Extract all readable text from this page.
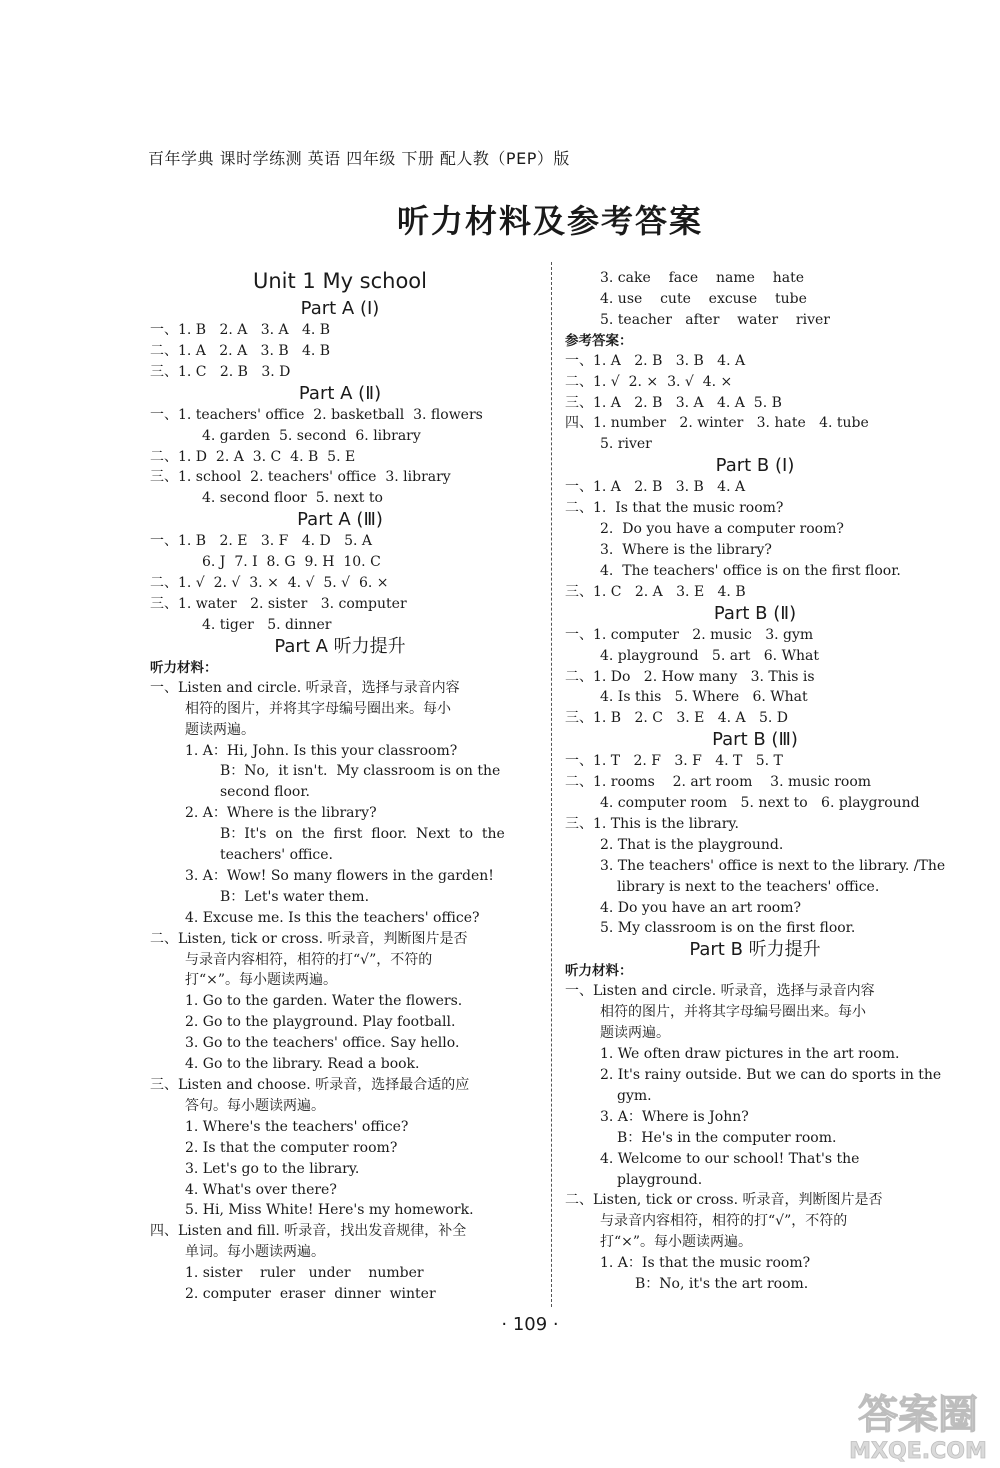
百年学典 课时学练测 英语 四年级 下册 配人教（PEP）版
听力材料及参考答案
Unit 1 My school
Part A (Ⅰ)
一、1. B   2. A   3. A   4. B
二、1. A   2. A   3. B   4. B
三、1. C   2. B   3. D
Part A (Ⅱ)
一、1. teachers' office  2. basketball  3. flowers
4. garden  5. second  6. library
二、1. D  2. A  3. C  4. B  5. E
三、1. school  2. teachers' office  3. library
4. second floor  5. next to
Part A (Ⅲ)
一、1. B   2. E   3. F   4. D   5. A
6. J  7. I  8. G  9. H  10. C
二、1. √  2. √  3. ×  4. √  5. √  6. ×
三、1. water   2. sister   3. computer
4. tiger   5. dinner
Part A 听力提升
听力材料：
一、Listen and circle. 听录音，选择与录音内容
相符的图片，并将其字母编号圈出来。每小
题读两遍。
1. A：Hi, John. Is this your classroom?
B：No,  it isn't.  My classroom is on the
second floor.
2. A：Where is the library?
B：It's  on  the  first  floor.  Next  to  the
teachers' office.
3. A：Wow! So many flowers in the garden!
B：Let's water them.
4. Excuse me. Is this the teachers' office?
二、Listen, tick or cross. 听录音，判断图片是否
与录音内容相符，相符的打“√”，不符的
打“×”。每小题读两遍。
1. Go to the garden. Water the flowers.
2. Go to the playground. Play football.
3. Go to the teachers' office. Say hello.
4. Go to the library. Read a book.
三、Listen and choose. 听录音，选择最合适的应
答句。每小题读两遍。
1. Where's the teachers' office?
2. Is that the computer room?
3. Let's go to the library.
4. What's over there?
5. Hi, Miss White! Here's my homework.
四、Listen and fill. 听录音，找出发音规律，补全
单词。每小题读两遍。
1. sister    ruler   under    number
2. computer  eraser  dinner  winter
3. cake    face    name    hate
4. use    cute    excuse    tube
5. teacher   after    water    river
参考答案：
一、1. A   2. B   3. B   4. A
二、1. √  2. ×  3. √  4. ×
三、1. A   2. B   3. A   4. A  5. B
四、1. number   2. winter   3. hate   4. tube
5. river
Part B (Ⅰ)
一、1. A   2. B   3. B   4. A
二、1.  Is that the music room?
2.  Do you have a computer room?
3.  Where is the library?
4.  The teachers' office is on the first floor.
三、1. C   2. A   3. E   4. B
Part B (Ⅱ)
一、1. computer   2. music   3. gym
4. playground   5. art   6. What
二、1. Do   2. How many   3. This is
4. Is this   5. Where   6. What
三、1. B   2. C   3. E   4. A   5. D
Part B (Ⅲ)
一、1. T   2. F   3. F   4. T   5. T
二、1. rooms    2. art room    3. music room
4. computer room   5. next to   6. playground
三、1. This is the library.
2. That is the playground.
3. The teachers' office is next to the library. /The
library is next to the teachers' office.
4. Do you have an art room?
5. My classroom is on the first floor.
Part B 听力提升
听力材料：
一、Listen and circle. 听录音，选择与录音内容
相符的图片，并将其字母编号圈出来。每小
题读两遍。
1. We often draw pictures in the art room.
2. It's rainy outside. But we can do sports in the
gym.
3. A：Where is John?
B：He's in the computer room.
4. Welcome to our school! That's the
playground.
二、Listen, tick or cross. 听录音，判断图片是否
与录音内容相符，相符的打“√”，不符的
打“×”。每小题读两遍。
1. A：Is that the music room?
B：No, it's the art room.
· 109 ·
答案圈
MXQE.COM
